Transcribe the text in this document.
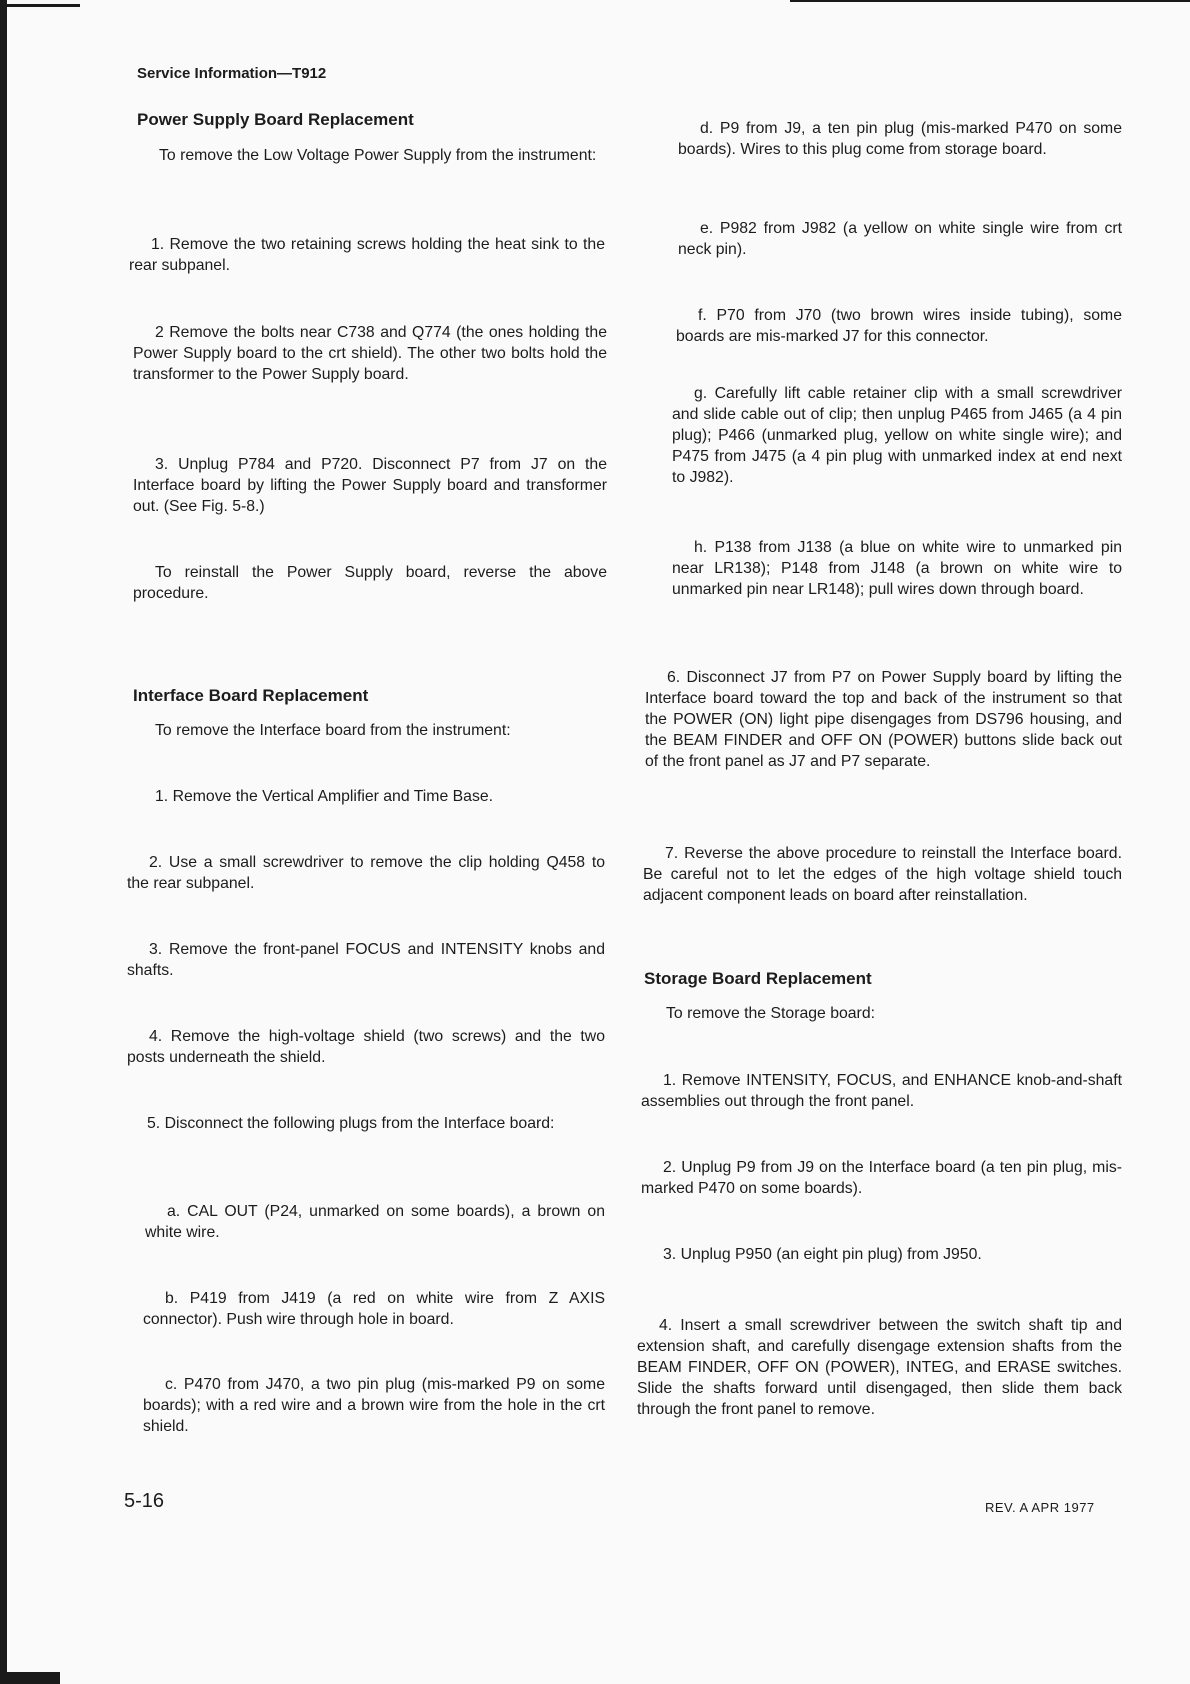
Service Information—T912
Power Supply Board Replacement

To remove the Low Voltage Power Supply from the instrument:

1. Remove the two retaining screws holding the heat sink to the rear subpanel.

2 Remove the bolts near C738 and Q774 (the ones holding the Power Supply board to the crt shield). The other two bolts hold the transformer to the Power Supply board.

3. Unplug P784 and P720. Disconnect P7 from J7 on the Interface board by lifting the Power Supply board and transformer out. (See Fig. 5-8.)

To reinstall the Power Supply board, reverse the above procedure.

Interface Board Replacement

To remove the Interface board from the instrument:

1. Remove the Vertical Amplifier and Time Base.

2. Use a small screwdriver to remove the clip holding Q458 to the rear subpanel.

3. Remove the front-panel FOCUS and INTENSITY knobs and shafts.

4. Remove the high-voltage shield (two screws) and the two posts underneath the shield.

5. Disconnect the following plugs from the Interface board:

a. CAL OUT (P24, unmarked on some boards), a brown on white wire.

b. P419 from J419 (a red on white wire from Z AXIS connector). Push wire through hole in board.

c. P470 from J470, a two pin plug (mis-marked P9 on some boards); with a red wire and a brown wire from the hole in the crt shield.

d. P9 from J9, a ten pin plug (mis-marked P470 on some boards). Wires to this plug come from storage board.

e. P982 from J982 (a yellow on white single wire from crt neck pin).

f. P70 from J70 (two brown wires inside tubing), some boards are mis-marked J7 for this connector.

g. Carefully lift cable retainer clip with a small screwdriver and slide cable out of clip; then unplug P465 from J465 (a 4 pin plug); P466 (unmarked plug, yellow on white single wire); and P475 from J475 (a 4 pin plug with unmarked index at end next to J982).

h. P138 from J138 (a blue on white wire to unmarked pin near LR138); P148 from J148 (a brown on white wire to unmarked pin near LR148); pull wires down through board.

6. Disconnect J7 from P7 on Power Supply board by lifting the Interface board toward the top and back of the instrument so that the POWER (ON) light pipe disengages from DS796 housing, and the BEAM FINDER and OFF ON (POWER) buttons slide back out of the front panel as J7 and P7 separate.

7. Reverse the above procedure to reinstall the Interface board. Be careful not to let the edges of the high voltage shield touch adjacent component leads on board after reinstallation.

Storage Board Replacement

To remove the Storage board:

1. Remove INTENSITY, FOCUS, and ENHANCE knob-and-shaft assemblies out through the front panel.

2. Unplug P9 from J9 on the Interface board (a ten pin plug, mis-marked P470 on some boards).

3. Unplug P950 (an eight pin plug) from J950.

4. Insert a small screwdriver between the switch shaft tip and extension shaft, and carefully disengage extension shafts from the BEAM FINDER, OFF ON (POWER), INTEG, and ERASE switches. Slide the shafts forward until disengaged, then slide them back through the front panel to remove.

5-16	REV. A APR 1977
